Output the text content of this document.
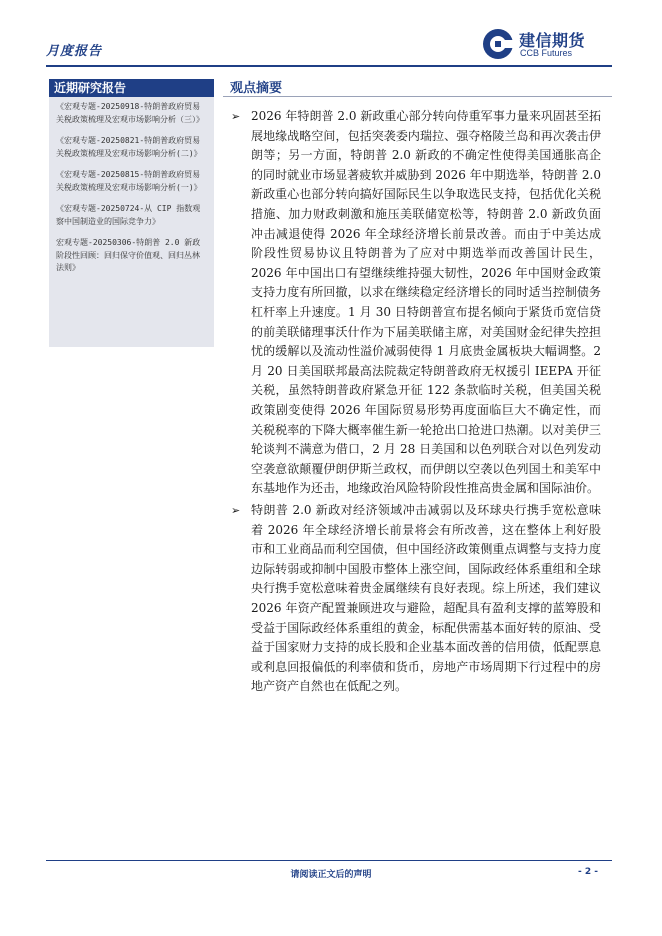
月度报告
建信期货
CCB Futures
近期研究报告
《宏观专题-20250918-特朗普政府贸易关税政策梳理及宏观市场影响分析（三）》
《宏观专题-20250821-特朗普政府贸易关税政策梳理及宏观市场影响分析(二)》
《宏观专题-20250815-特朗普政府贸易关税政策梳理及宏观市场影响分析(一)》
《宏观专题-20250724-从 CIP 指数观察中国制造业的国际竞争力》
宏观专题-20250306-特朗普 2.0 新政阶段性回顾：回归保守价值观、回归丛林法则》
观点摘要
➢ 2026 年特朗普 2.0 新政重心部分转向侍重军事力量来巩固甚至拓展地缘战略空间，包括突袭委内瑞拉、强夺格陵兰岛和再次袭击伊朗等；另一方面，特朗普 2.0 新政的不确定性使得美国通胀高企的同时就业市场显著疲软并威胁到 2026 年中期选举，特朗普 2.0 新政重心也部分转向搞好国际民生以争取选民支持，包括优化关税措施、加力财政刺激和施压美联储宽松等，特朗普 2.0 新政负面冲击减退使得 2026 年全球经济增长前景改善。而由于中美达成阶段性贸易协议且特朗普为了应对中期选举而改善国计民生，2026 年中国出口有望继续维持强大韧性，2026 年中国财金政策支持力度有所回撤，以求在继续稳定经济增长的同时适当控制债务杠杆率上升速度。1 月 30 日特朗普宣布提名倾向于紧货币宽信贷的前美联储理事沃什作为下届美联储主席，对美国财金纪律失控担忧的缓解以及流动性溢价减弱使得 1 月底贵金属板块大幅调整。2 月 20 日美国联邦最高法院裁定特朗普政府无权援引 IEEPA 开征关税，虽然特朗普政府紧急开征 122 条款临时关税，但美国关税政策剧变使得 2026 年国际贸易形势再度面临巨大不确定性，而关税税率的下降大概率催生新一轮抢出口抢进口热潮。以对美伊三轮谈判不满意为借口，2 月 28 日美国和以色列联合对以色列发动空袭意欲颠覆伊朗伊斯兰政权，而伊朗以空袭以色列国土和美军中东基地作为还击，地缘政治风险特阶段性推高贵金属和国际油价。

➢ 特朗普 2.0 新政对经济领域冲击减弱以及环球央行携手宽松意味着 2026 年全球经济增长前景将会有所改善，这在整体上利好股市和工业商品而利空国债，但中国经济政策侧重点调整与支持力度边际转弱或抑制中国股市整体上涨空间，国际政经体系重组和全球央行携手宽松意味着贵金属继续有良好表现。综上所述，我们建议 2026 年资产配置兼顾进攻与避险，超配具有盈利支撑的蓝筹股和受益于国际政经体系重组的黄金，标配供需基本面好转的原油、受益于国家财力支持的成长股和企业基本面改善的信用债，低配票息或利息回报偏低的利率债和货币，房地产市场周期下行过程中的房地产资产自然也在低配之列。

请阅读正文后的声明	- 2 -
